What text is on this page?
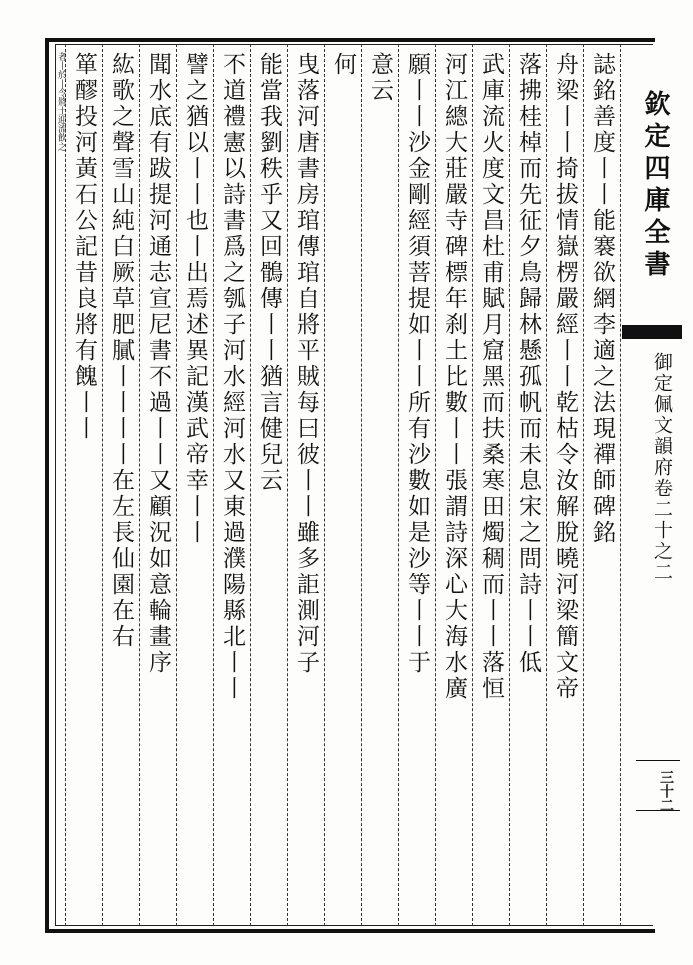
欽定四庫全書
御定佩文韻府卷二十之二
三十二
誌銘善度丨丨能褰欲網李適之法現禪師碑銘
舟梁丨丨掎拔情嶽楞嚴經丨丨乾枯令汝解脫曉河梁簡文帝
落拂桂棹而先征夕鳥歸林懸孤帆而未息宋之問詩丨丨低
武庫流火度文昌杜甫賦月窟黑而扶桑寒田燭稠而丨丨落恒
河江總大莊嚴寺碑標年刹土比數丨丨張謂詩深心大海水廣
願丨丨沙金剛經須菩提如丨丨所有沙數如是沙等丨丨于
意云
何
曳落河唐書房琯傳琯自將平賊每曰彼丨丨雖多詎測河子
能當我劉秩乎又回鶻傳丨丨猶言健兒云
不道禮憲以詩書爲之瓠子河水經河水又東過濮陽縣北丨丨
譬之猶以丨丨也丨出焉述異記漢武帝幸丨丨
聞水底有跋提河通志宣尼書不過丨丨又顧況如意輪畫序
紘歌之聲雪山純白厥草肥膩丨丨丨丨在左長仙園在右
箪醪投河黃石公記昔良將有餽丨丨
者丨於丨令將士迎流飲之
